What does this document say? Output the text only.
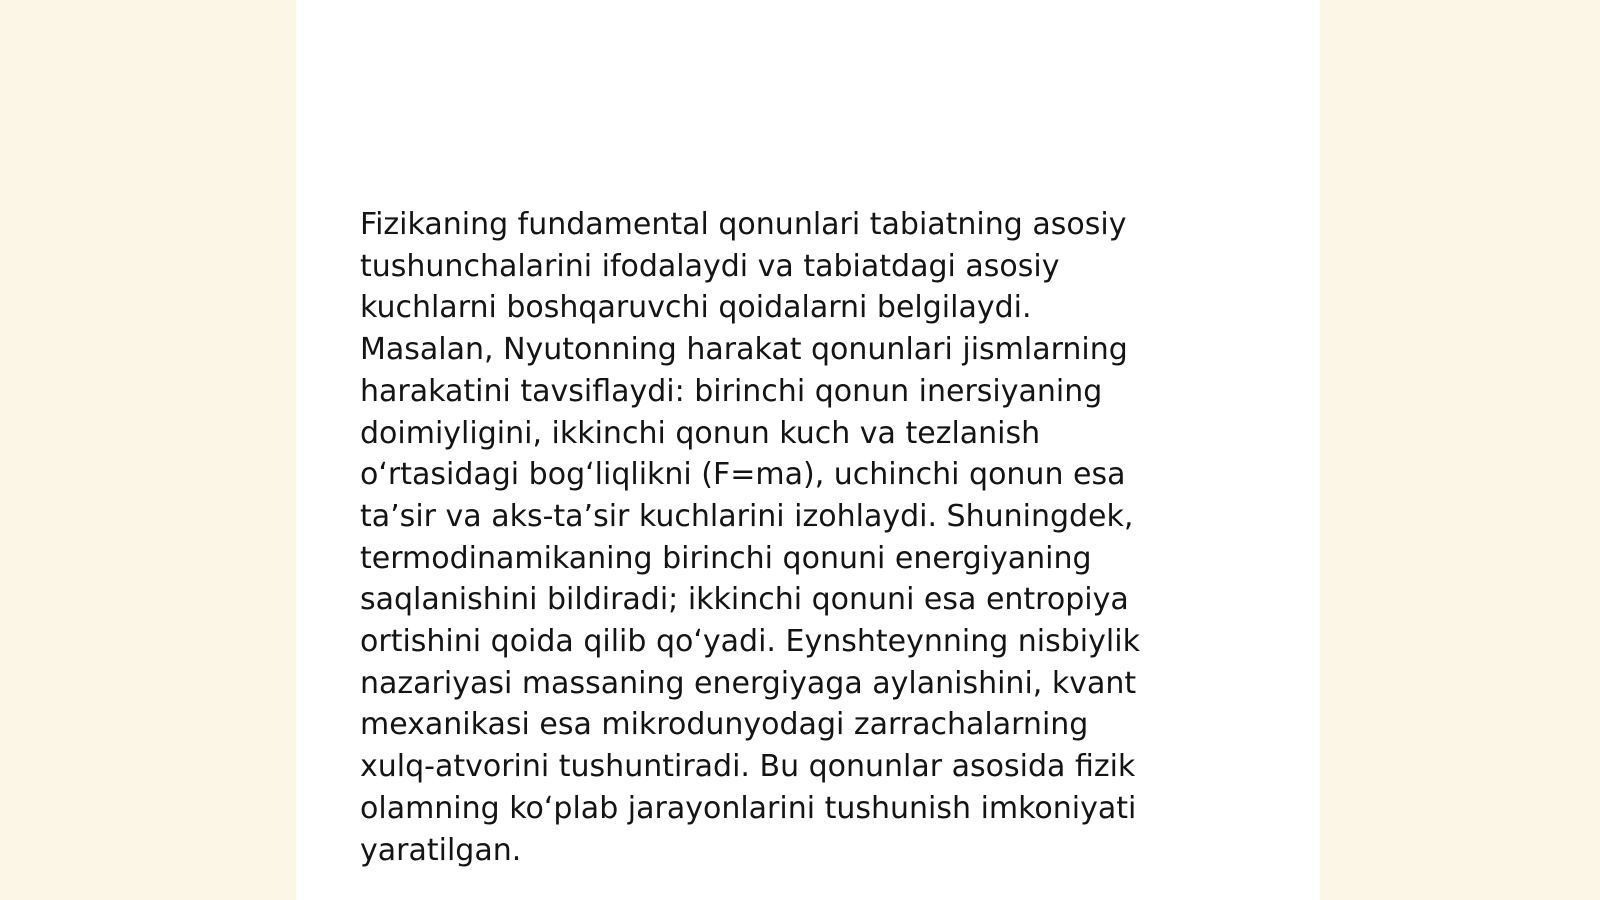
Fizikaning fundamental qonunlari tabiatning asosiy
tushunchalarini ifodalaydi va tabiatdagi asosiy
kuchlarni boshqaruvchi qoidalarni belgilaydi.
Masalan, Nyutonning harakat qonunlari jismlarning
harakatini tavsiflaydi: birinchi qonun inersiyaning
doimiyligini, ikkinchi qonun kuch va tezlanish
o‘rtasidagi bog‘liqlikni (F=ma), uchinchi qonun esa
ta’sir va aks-ta’sir kuchlarini izohlaydi. Shuningdek,
termodinamikaning birinchi qonuni energiyaning
saqlanishini bildiradi; ikkinchi qonuni esa entropiya
ortishini qoida qilib qo‘yadi. Eynshteynning nisbiylik
nazariyasi massaning energiyaga aylanishini, kvant
mexanikasi esa mikrodunyodagi zarrachalarning
xulq-atvorini tushuntiradi. Bu qonunlar asosida fizik
olamning ko‘plab jarayonlarini tushunish imkoniyati
yaratilgan.
